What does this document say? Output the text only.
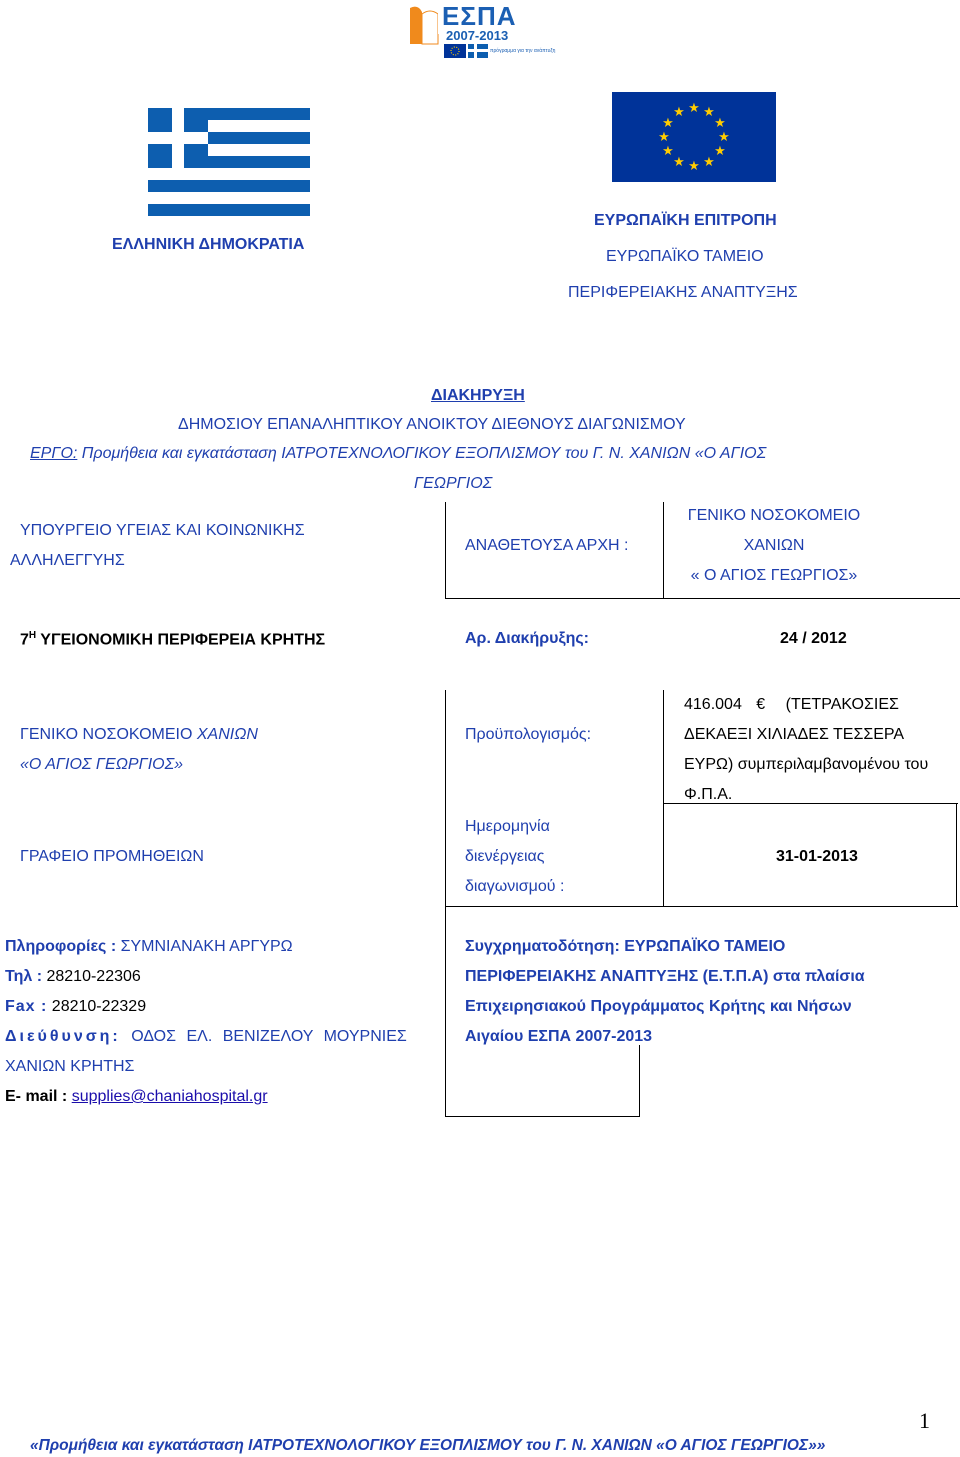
ΕΣΠΑ
2007-2013
πρόγραμμα για την ανάπτυξη
★ ★
★
★
★
★
★
★
★
★
★
★
ΕΛΛΗΝΙΚΗ ΔΗΜΟΚΡΑΤΙΑ
ΕΥΡΩΠΑΪΚΗ ΕΠΙΤΡΟΠΗ
ΕΥΡΩΠΑΪΚΟ ΤΑΜΕΙΟ
ΠΕΡΙΦΕΡΕΙΑΚΗΣ ΑΝΑΠΤΥΞΗΣ
ΔΙΑΚΗΡΥΞΗ
ΔΗΜΟΣΙΟΥ ΕΠΑΝΑΛΗΠΤΙΚΟΥ ΑΝΟΙΚΤΟΥ ΔΙΕΘΝΟΥΣ ΔΙΑΓΩΝΙΣΜΟΥ
ΕΡΓΟ: Προμήθεια και εγκατάσταση ΙΑΤΡΟΤΕΧΝΟΛΟΓΙΚΟΥ ΕΞΟΠΛΙΣΜΟΥ του Γ. Ν. ΧΑΝΙΩΝ «Ο ΑΓΙΟΣ
ΓΕΩΡΓΙΟΣ
ΥΠΟΥΡΓΕΙΟ ΥΓΕΙΑΣ ΚΑΙ ΚΟΙΝΩΝΙΚΗΣ
ΑΛΛΗΛΕΓΓΥΗΣ
ΑΝΑΘΕΤΟΥΣΑ ΑΡΧΗ :
ΓΕΝΙΚΟ ΝΟΣΟΚΟΜΕΙΟ
ΧΑΝΙΩΝ
« Ο ΑΓΙΟΣ ΓΕΩΡΓΙΟΣ»
$7^H$ ΥΓΕΙΟΝΟΜΙΚΗ ΠΕΡΙΦΕΡΕΙΑ ΚΡΗΤΗΣ	Αρ. Διακήρυξης:	24 / 2012
ΓΕΝΙΚΟ ΝΟΣΟΚΟΜΕΙΟ ΧΑΝΙΩΝ
«Ο ΑΓΙΟΣ ΓΕΩΡΓΙΟΣ»
ΓΡΑΦΕΙΟ ΠΡΟΜΗΘΕΙΩΝ
Προϋπολογισμός:
416.004 € (ΤΕΤΡΑΚΟΣΙΕΣ
ΔΕΚΑΕΞΙ ΧΙΛΙΑΔΕΣ ΤΕΣΣΕΡΑ
ΕΥΡΩ) συμπεριλαμβανομένου του
Φ.Π.Α.
Ημερομηνία
διενέργειας
διαγωνισμού :
31-01-2013
Πληροφορίες : ΣΥΜΝΙΑΝΑΚΗ ΑΡΓΥΡΩ
Τηλ : 28210-22306
Fax : 28210-22329
Διεύθυνση: ΟΔΟΣ ΕΛ. ΒΕΝΙΖΕΛΟΥ ΜΟΥΡΝΙΕΣ
ΧΑΝΙΩΝ ΚΡΗΤΗΣ
E- mail : supplies@chaniahospital.gr
Συγχρηματοδότηση: ΕΥΡΩΠΑΪΚΟ ΤΑΜΕΙΟ
ΠΕΡΙΦΕΡΕΙΑΚΗΣ ΑΝΑΠΤΥΞΗΣ (Ε.Τ.Π.Α) στα πλαίσια
Επιχειρησιακού Προγράμματος Κρήτης και Νήσων
Αιγαίου ΕΣΠΑ 2007-2013
1
«Προμήθεια και εγκατάσταση ΙΑΤΡΟΤΕΧΝΟΛΟΓΙΚΟΥ ΕΞΟΠΛΙΣΜΟΥ του Γ. Ν. ΧΑΝΙΩΝ «Ο ΑΓΙΟΣ ΓΕΩΡΓΙΟΣ»»
